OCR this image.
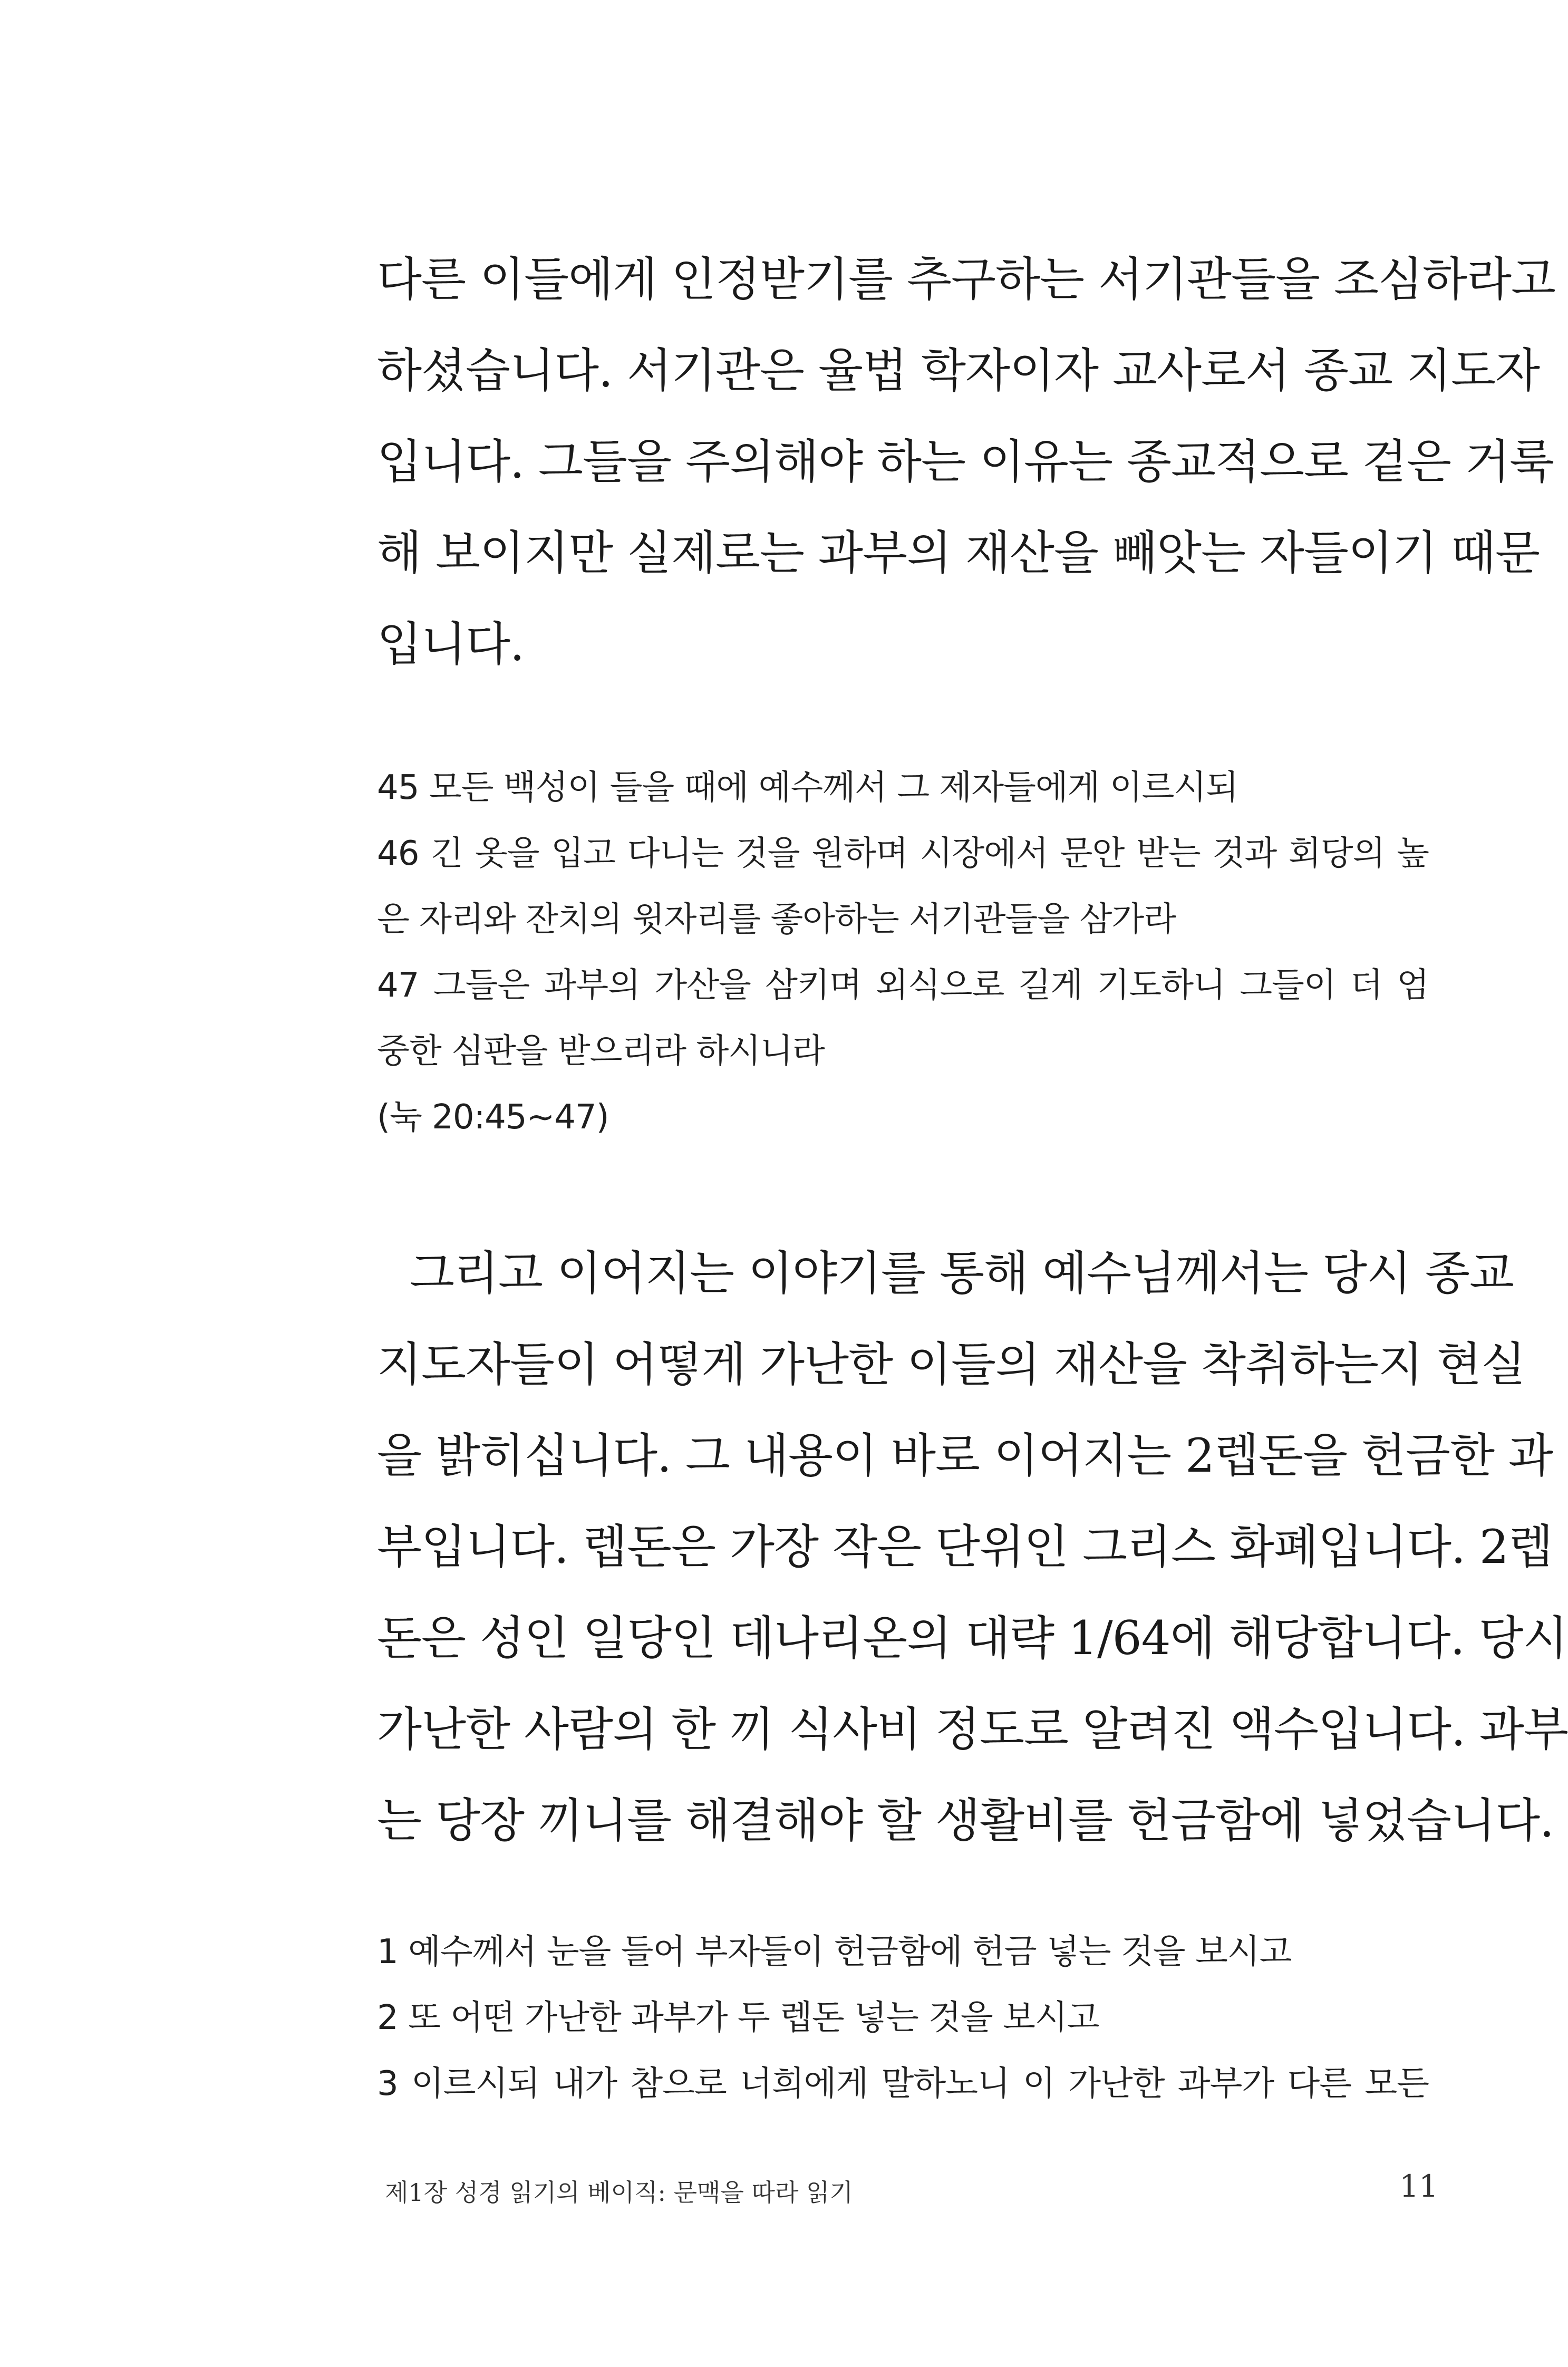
다른 이들에게 인정받기를 추구하는 서기관들을 조심하라고
하셨습니다. 서기관은 율법 학자이자 교사로서 종교 지도자
입니다. 그들을 주의해야 하는 이유는 종교적으로 겉은 거룩
해 보이지만 실제로는 과부의 재산을 빼앗는 자들이기 때문
입니다.
45 모든 백성이 들을 때에 예수께서 그 제자들에게 이르시되
46 긴 옷을 입고 다니는 것을 원하며 시장에서 문안 받는 것과 회당의 높
은 자리와 잔치의 윗자리를 좋아하는 서기관들을 삼가라
47 그들은 과부의 가산을 삼키며 외식으로 길게 기도하니 그들이 더 엄
중한 심판을 받으리라 하시니라
(눅 20:45~47)
그리고 이어지는 이야기를 통해 예수님께서는 당시 종교
지도자들이 어떻게 가난한 이들의 재산을 착취하는지 현실
을 밝히십니다. 그 내용이 바로 이어지는 2렙돈을 헌금한 과
부입니다. 렙돈은 가장 작은 단위인 그리스 화폐입니다. 2렙
돈은 성인 일당인 데나리온의 대략 1/64에 해당합니다. 당시
가난한 사람의 한 끼 식사비 정도로 알려진 액수입니다. 과부
는 당장 끼니를 해결해야 할 생활비를 헌금함에 넣었습니다.
1 예수께서 눈을 들어 부자들이 헌금함에 헌금 넣는 것을 보시고
2 또 어떤 가난한 과부가 두 렙돈 넣는 것을 보시고
3 이르시되 내가 참으로 너희에게 말하노니 이 가난한 과부가 다른 모든
제1장 성경 읽기의 베이직: 문맥을 따라 읽기	11
